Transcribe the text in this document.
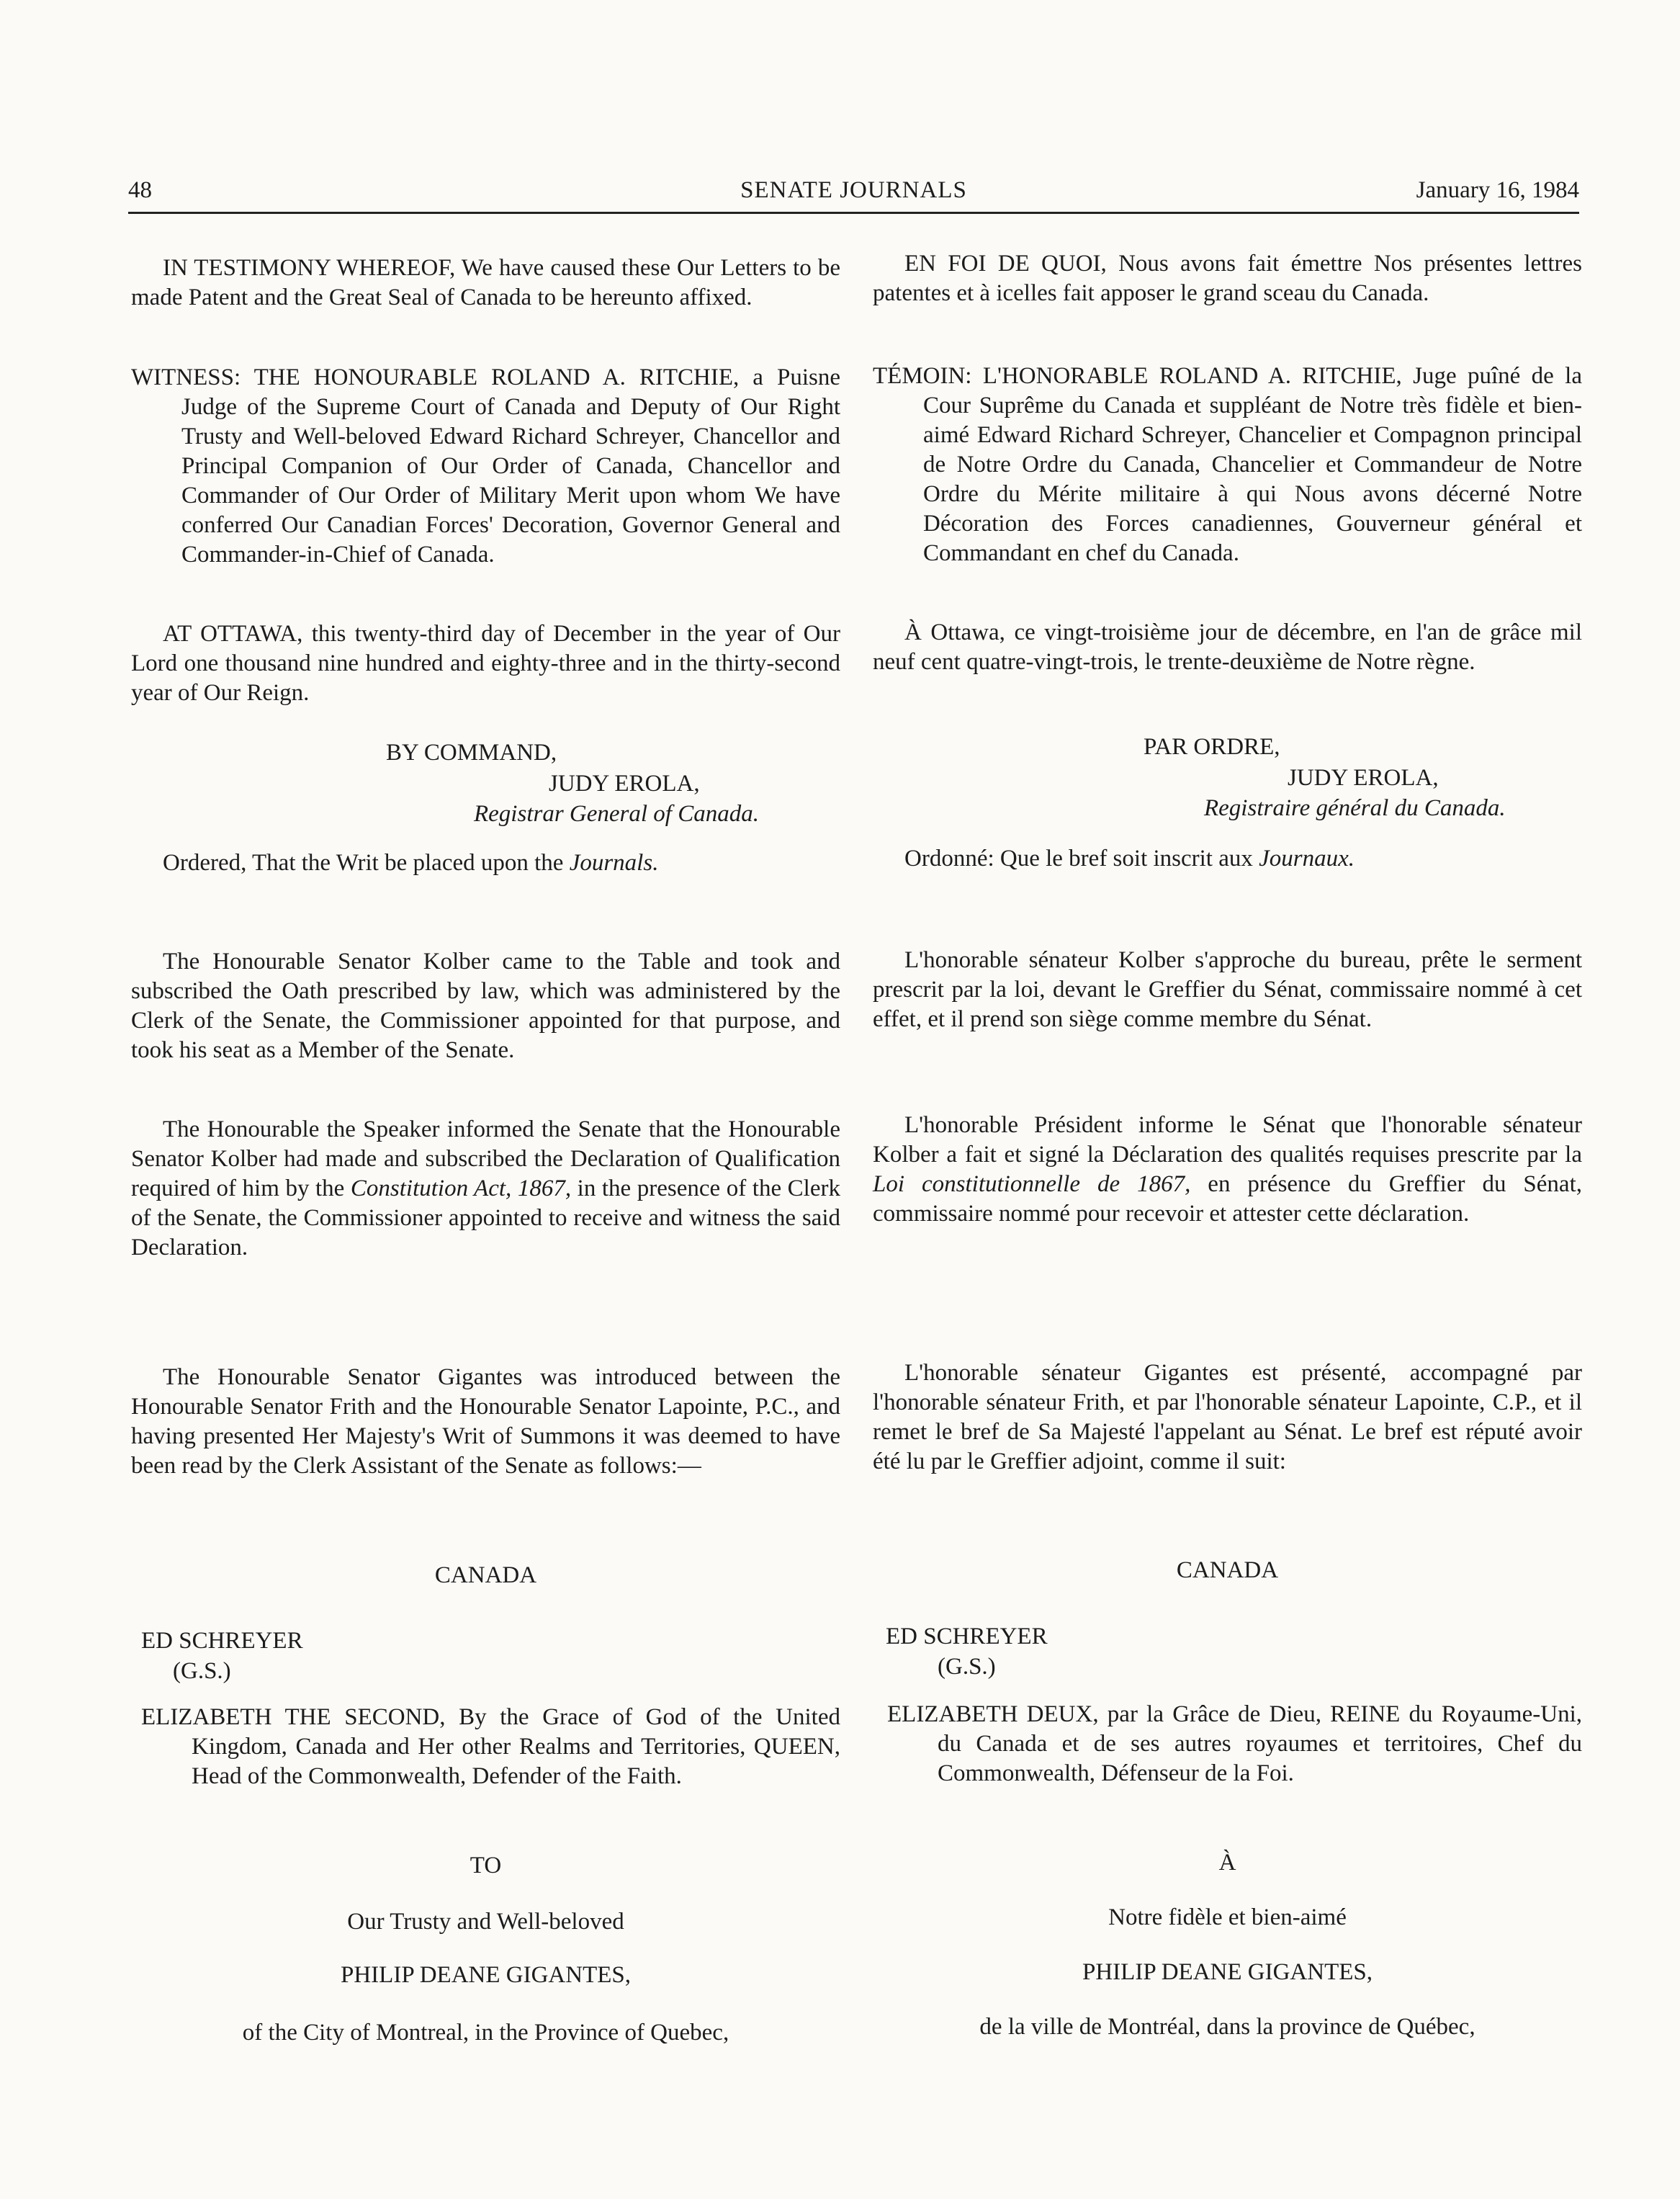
48	SENATE JOURNALS	January 16, 1984

IN TESTIMONY WHEREOF, We have caused these Our Letters to be made Patent and the Great Seal of Canada to be hereunto affixed.

WITNESS: THE HONOURABLE ROLAND A. RITCHIE, a Puisne Judge of the Supreme Court of Canada and Deputy of Our Right Trusty and Well-beloved Edward Richard Schreyer, Chancellor and Principal Companion of Our Order of Canada, Chancellor and Commander of Our Order of Military Merit upon whom We have conferred Our Canadian Forces' Decoration, Governor General and Commander-in-Chief of Canada.

AT OTTAWA, this twenty-third day of December in the year of Our Lord one thousand nine hundred and eighty-three and in the thirty-second year of Our Reign.

BY COMMAND,

JUDY EROLA,

Registrar General of Canada.

Ordered, That the Writ be placed upon the Journals.

The Honourable Senator Kolber came to the Table and took and subscribed the Oath prescribed by law, which was administered by the Clerk of the Senate, the Commissioner appointed for that purpose, and took his seat as a Member of the Senate.

The Honourable the Speaker informed the Senate that the Honourable Senator Kolber had made and subscribed the Declaration of Qualification required of him by the Constitution Act, 1867, in the presence of the Clerk of the Senate, the Commissioner appointed to receive and witness the said Declaration.

The Honourable Senator Gigantes was introduced between the Honourable Senator Frith and the Honourable Senator Lapointe, P.C., and having presented Her Majesty's Writ of Summons it was deemed to have been read by the Clerk Assistant of the Senate as follows:—

CANADA

ED SCHREYER

(G.S.)

ELIZABETH THE SECOND, By the Grace of God of the United Kingdom, Canada and Her other Realms and Territories, QUEEN, Head of the Commonwealth, Defender of the Faith.

TO

Our Trusty and Well-beloved

PHILIP DEANE GIGANTES,

of the City of Montreal, in the Province of Quebec,

EN FOI DE QUOI, Nous avons fait émettre Nos présentes lettres patentes et à icelles fait apposer le grand sceau du Canada.

TÉMOIN: L'HONORABLE ROLAND A. RITCHIE, Juge puîné de la Cour Suprême du Canada et suppléant de Notre très fidèle et bien-aimé Edward Richard Schreyer, Chancelier et Compagnon principal de Notre Ordre du Canada, Chancelier et Commandeur de Notre Ordre du Mérite militaire à qui Nous avons décerné Notre Décoration des Forces canadiennes, Gouverneur général et Commandant en chef du Canada.

À Ottawa, ce vingt-troisième jour de décembre, en l'an de grâce mil neuf cent quatre-vingt-trois, le trente-deuxième de Notre règne.

PAR ORDRE,

JUDY EROLA,

Registraire général du Canada.

Ordonné: Que le bref soit inscrit aux Journaux.

L'honorable sénateur Kolber s'approche du bureau, prête le serment prescrit par la loi, devant le Greffier du Sénat, commissaire nommé à cet effet, et il prend son siège comme membre du Sénat.

L'honorable Président informe le Sénat que l'honorable sénateur Kolber a fait et signé la Déclaration des qualités requises prescrite par la Loi constitutionnelle de 1867, en présence du Greffier du Sénat, commissaire nommé pour recevoir et attester cette déclaration.

L'honorable sénateur Gigantes est présenté, accompagné par l'honorable sénateur Frith, et par l'honorable sénateur Lapointe, C.P., et il remet le bref de Sa Majesté l'appelant au Sénat. Le bref est réputé avoir été lu par le Greffier adjoint, comme il suit:

CANADA

ED SCHREYER

(G.S.)

ELIZABETH DEUX, par la Grâce de Dieu, REINE du Royaume-Uni, du Canada et de ses autres royaumes et territoires, Chef du Commonwealth, Défenseur de la Foi.

À

Notre fidèle et bien-aimé

PHILIP DEANE GIGANTES,

de la ville de Montréal, dans la province de Québec,
